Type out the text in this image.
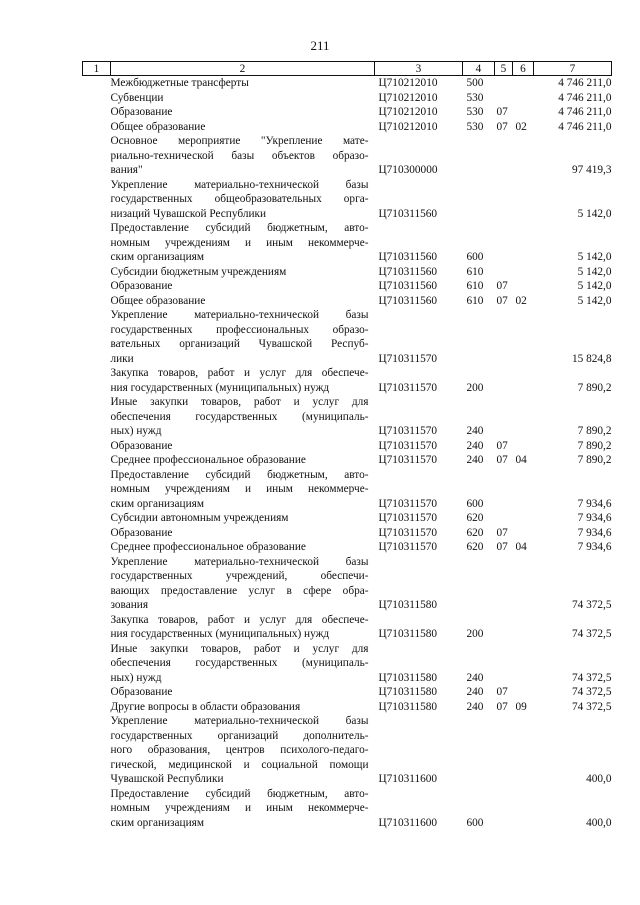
211
1	2	3	4	5	6	7

	Межбюджетные трансферты	Ц710212010	500			4 746 211,0

	Субвенции	Ц710212010	530			4 746 211,0

	Образование	Ц710212010	530	07		4 746 211,0

	Общее образование	Ц710212010	530	07	02	4 746 211,0

	Основное мероприятие "Укрепление мате-
риально-технической базы объектов образо-
вания"	Ц710300000				97 419,3

	Укрепление материально-технической базы
государственных общеобразовательных орга-
низаций Чувашской Республики	Ц710311560				5 142,0

	Предоставление субсидий бюджетным, авто-
номным учреждениям и иным некоммерче-
ским организациям	Ц710311560	600			5 142,0

	Субсидии бюджетным учреждениям	Ц710311560	610			5 142,0

	Образование	Ц710311560	610	07		5 142,0

	Общее образование	Ц710311560	610	07	02	5 142,0

	Укрепление материально-технической базы
государственных профессиональных образо-
вательных организаций Чувашской Респуб-
лики	Ц710311570				15 824,8

	Закупка товаров, работ и услуг для обеспече-
ния государственных (муниципальных) нужд	Ц710311570	200			7 890,2

	Иные закупки товаров, работ и услуг для
обеспечения государственных (муниципаль-
ных) нужд	Ц710311570	240			7 890,2

	Образование	Ц710311570	240	07		7 890,2

	Среднее профессиональное образование	Ц710311570	240	07	04	7 890,2

	Предоставление субсидий бюджетным, авто-
номным учреждениям и иным некоммерче-
ским организациям	Ц710311570	600			7 934,6

	Субсидии автономным учреждениям	Ц710311570	620			7 934,6

	Образование	Ц710311570	620	07		7 934,6

	Среднее профессиональное образование	Ц710311570	620	07	04	7 934,6

	Укрепление материально-технической базы
государственных учреждений, обеспечи-
вающих предоставление услуг в сфере обра-
зования	Ц710311580				74 372,5

	Закупка товаров, работ и услуг для обеспече-
ния государственных (муниципальных) нужд	Ц710311580	200			74 372,5

	Иные закупки товаров, работ и услуг для
обеспечения государственных (муниципаль-
ных) нужд	Ц710311580	240			74 372,5

	Образование	Ц710311580	240	07		74 372,5

	Другие вопросы в области образования	Ц710311580	240	07	09	74 372,5

	Укрепление материально-технической базы
государственных организаций дополнитель-
ного образования, центров психолого-педаго-
гической, медицинской и социальной помощи
Чувашской Республики	Ц710311600				400,0

	Предоставление субсидий бюджетным, авто-
номным учреждениям и иным некоммерче-
ским организациям	Ц710311600	600			400,0
